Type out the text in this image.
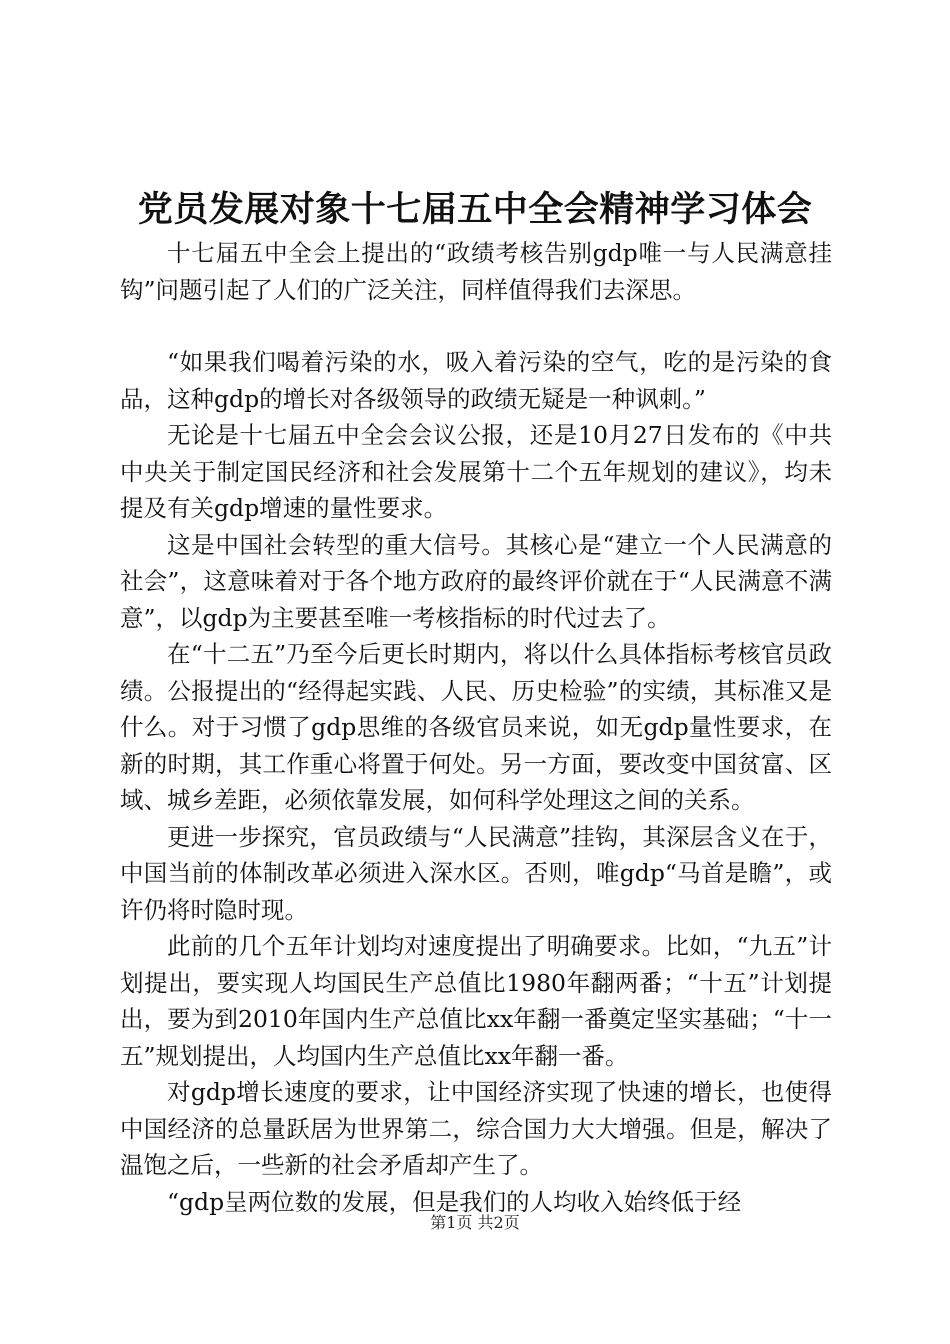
党员发展对象十七届五中全会精神学习体会

十七届五中全会上提出的“政绩考核告别gdp唯一与人民满意挂钩”问题引起了人们的广泛关注，同样值得我们去深思。

“如果我们喝着污染的水，吸入着污染的空气，吃的是污染的食品，这种gdp的增长对各级领导的政绩无疑是一种讽刺。”

无论是十七届五中全会会议公报，还是10月27日发布的《中共中央关于制定国民经济和社会发展第十二个五年规划的建议》，均未提及有关gdp增速的量性要求。

这是中国社会转型的重大信号。其核心是“建立一个人民满意的社会”，这意味着对于各个地方政府的最终评价就在于“人民满意不满意”，以gdp为主要甚至唯一考核指标的时代过去了。

在“十二五”乃至今后更长时期内，将以什么具体指标考核官员政绩。公报提出的“经得起实践、人民、历史检验”的实绩，其标准又是什么。对于习惯了gdp思维的各级官员来说，如无gdp量性要求，在新的时期，其工作重心将置于何处。另一方面，要改变中国贫富、区域、城乡差距，必须依靠发展，如何科学处理这之间的关系。

更进一步探究，官员政绩与“人民满意”挂钩，其深层含义在于，中国当前的体制改革必须进入深水区。否则，唯gdp“马首是瞻”，或许仍将时隐时现。

此前的几个五年计划均对速度提出了明确要求。比如，“九五”计划提出，要实现人均国民生产总值比1980年翻两番；“十五”计划提出，要为到2010年国内生产总值比xx年翻一番奠定坚实基础；“十一五”规划提出，人均国内生产总值比xx年翻一番。

对gdp增长速度的要求，让中国经济实现了快速的增长，也使得中国经济的总量跃居为世界第二，综合国力大大增强。但是，解决了温饱之后，一些新的社会矛盾却产生了。

“gdp呈两位数的发展，但是我们的人均收入始终低于经

第1页 共2页
